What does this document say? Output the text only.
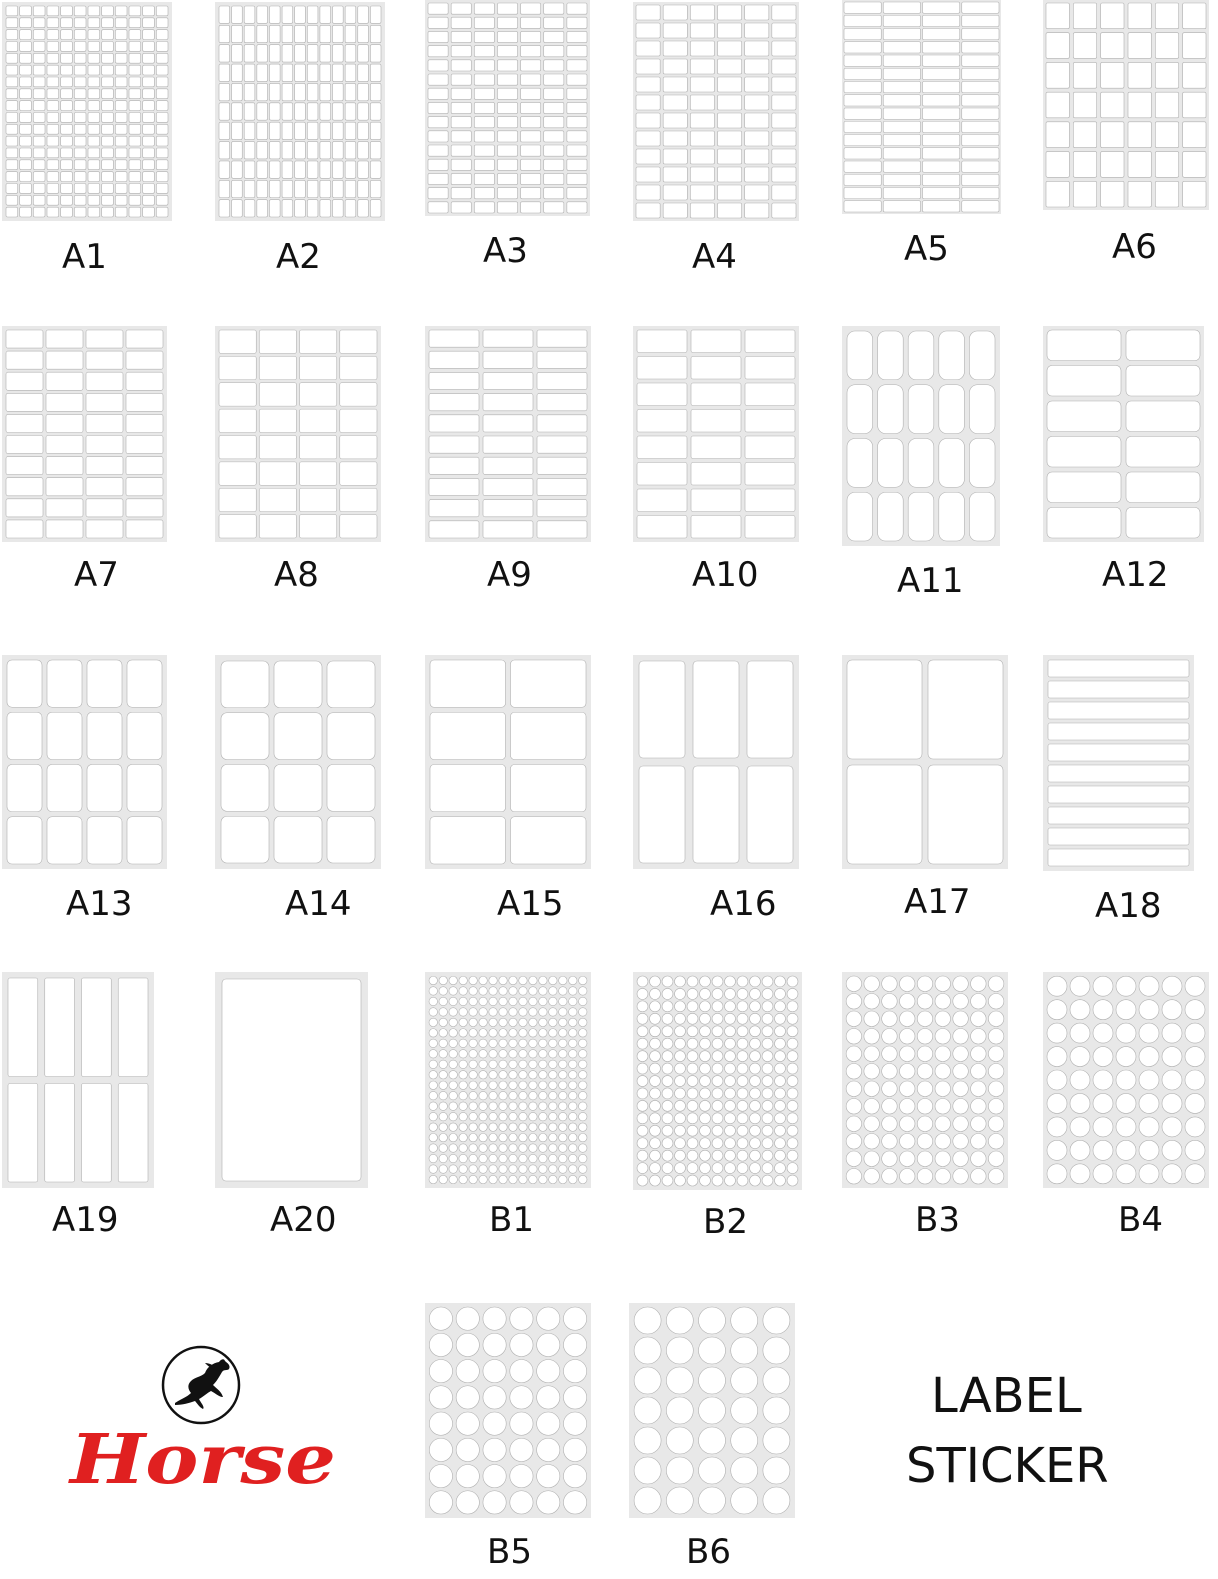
A1	A2	A3	A4	A5	A6
A7	A8	A9	A10	A11	A12
A13	A14	A15	A16	A17	A18
A19	A20	B1	B2	B3	B4
B5	B6
Horse
LABEL
STICKER
